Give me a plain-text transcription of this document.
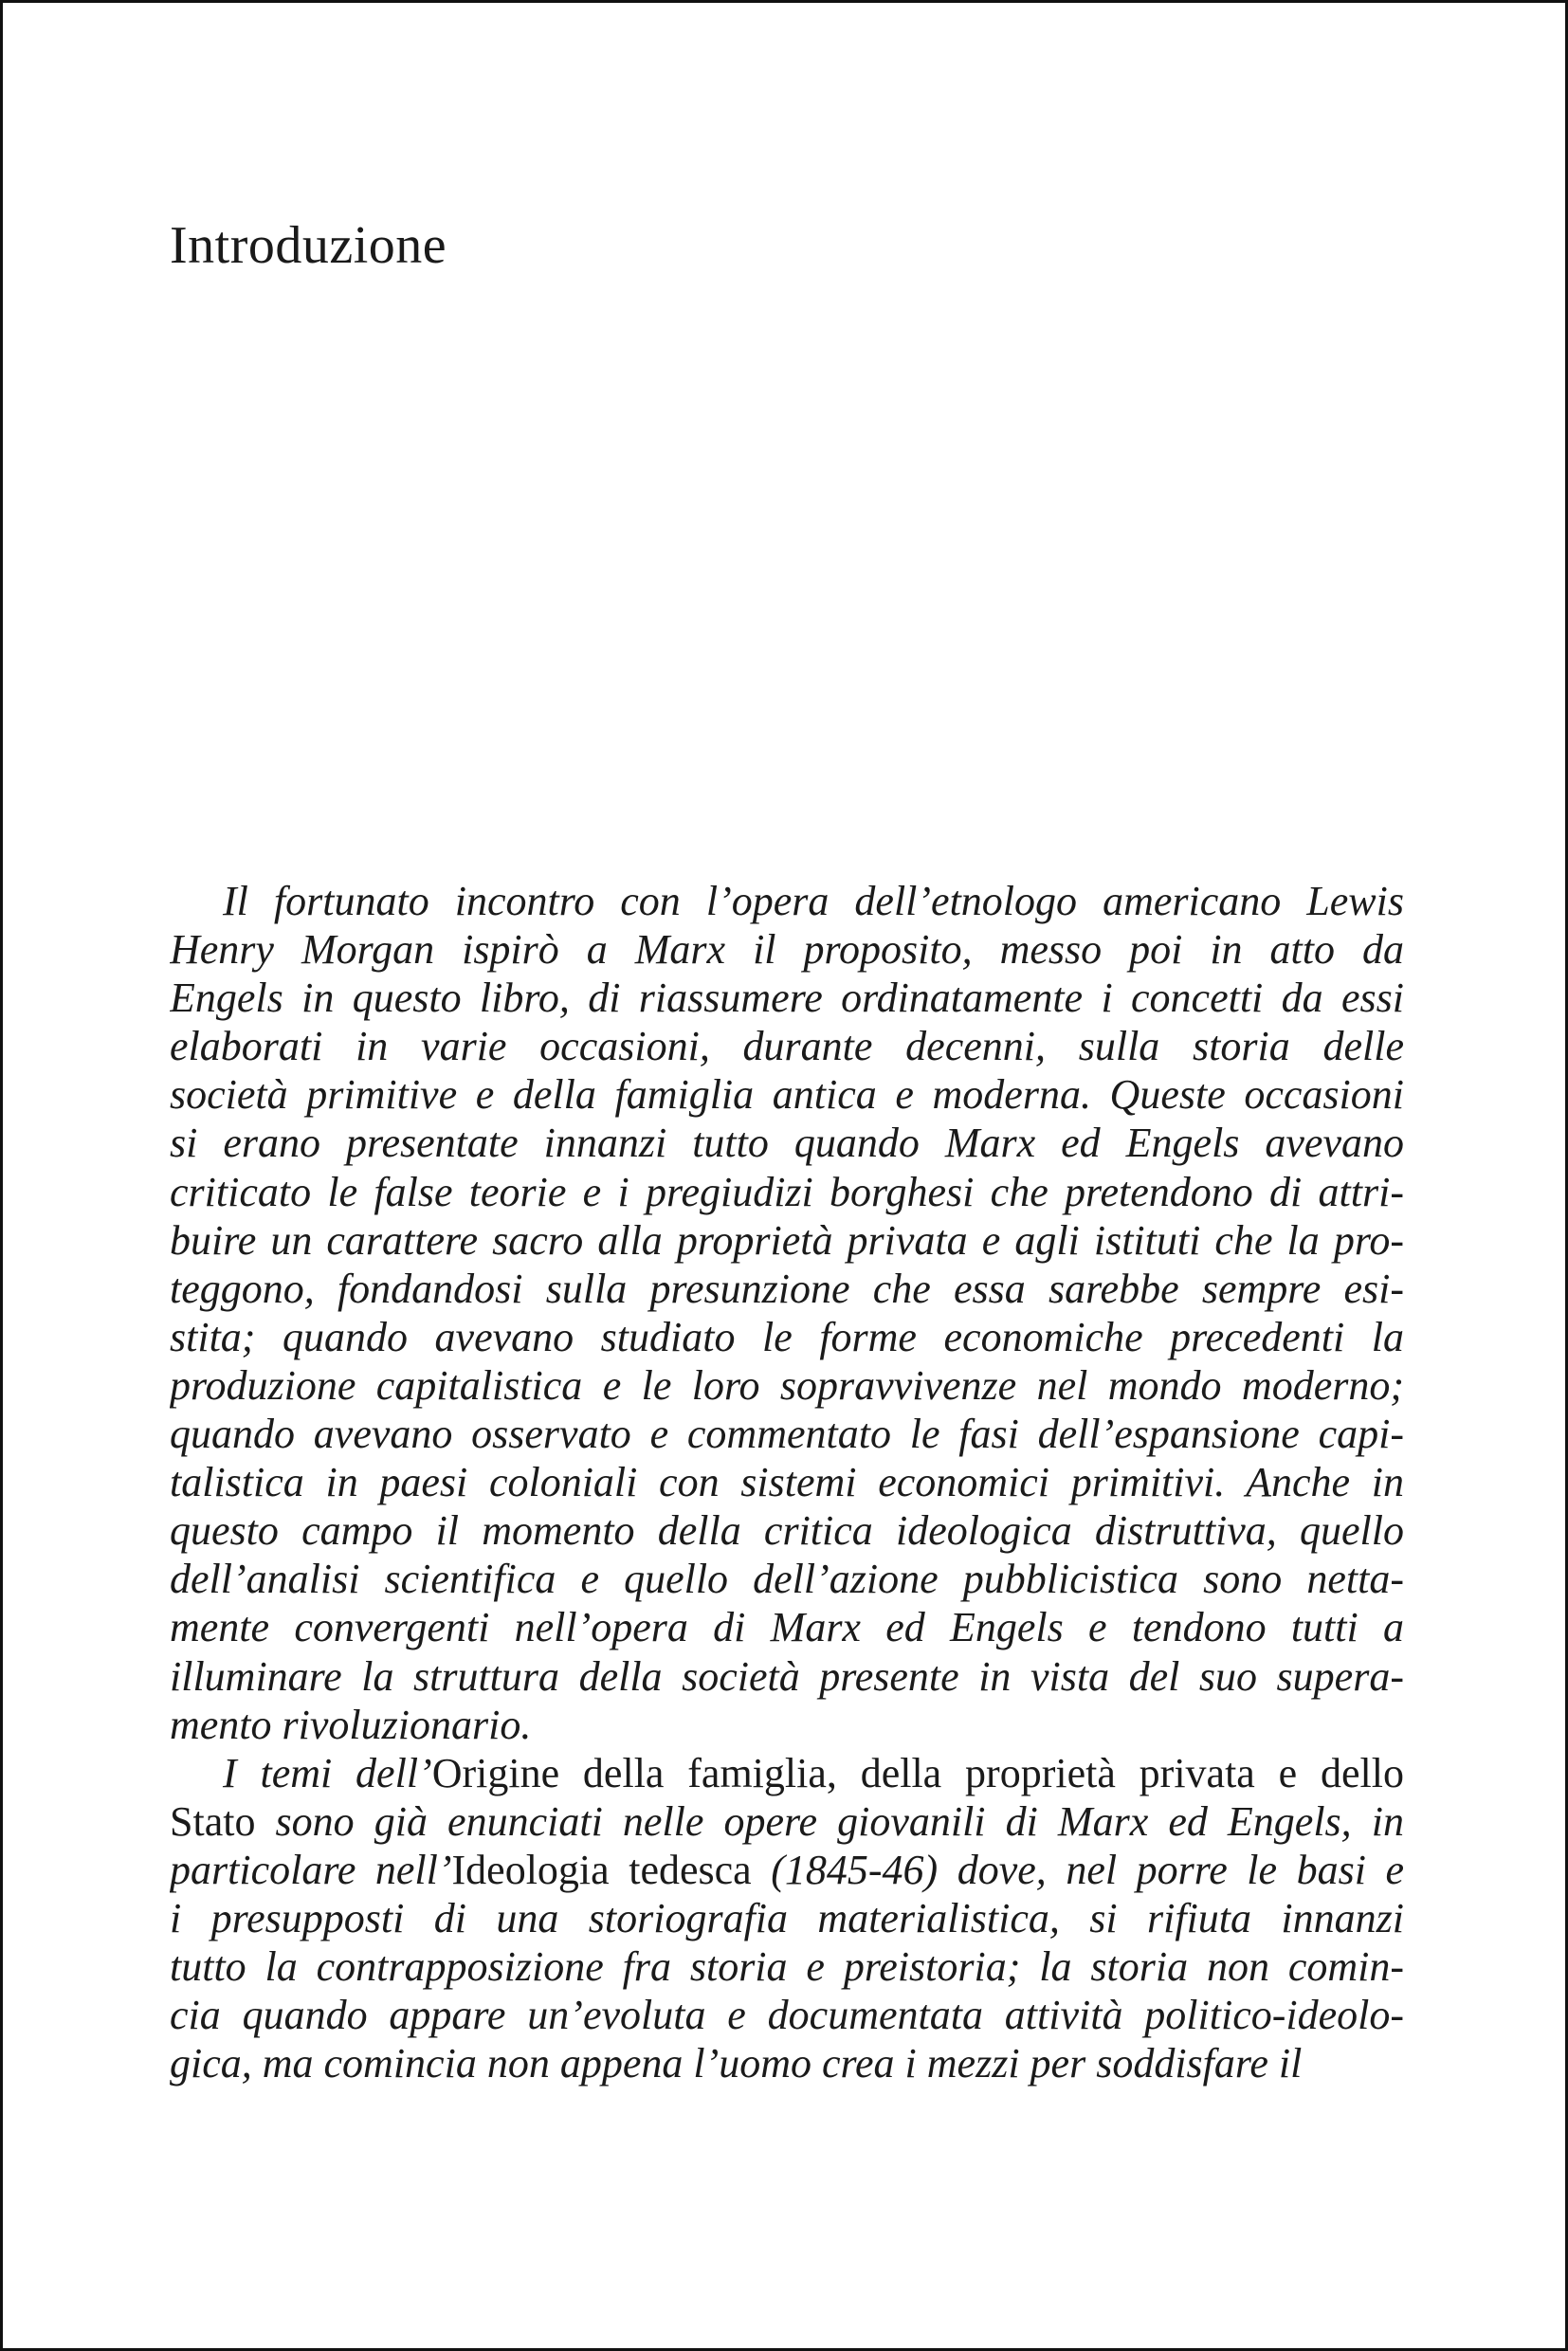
Introduzione
Il fortunato incontro con l’opera dell’etnologo americano Lewis
Henry Morgan ispirò a Marx il proposito, messo poi in atto da
Engels in questo libro, di riassumere ordinatamente i concetti da essi
elaborati in varie occasioni, durante decenni, sulla storia delle
società primitive e della famiglia antica e moderna. Queste occasioni
si erano presentate innanzi tutto quando Marx ed Engels avevano
criticato le false teorie e i pregiudizi borghesi che pretendono di attri-
buire un carattere sacro alla proprietà privata e agli istituti che la pro-
teggono, fondandosi sulla presunzione che essa sarebbe sempre esi-
stita; quando avevano studiato le forme economiche precedenti la
produzione capitalistica e le loro sopravvivenze nel mondo moderno;
quando avevano osservato e commentato le fasi dell’espansione capi-
talistica in paesi coloniali con sistemi economici primitivi. Anche in
questo campo il momento della critica ideologica distruttiva, quello
dell’analisi scientifica e quello dell’azione pubblicistica sono netta-
mente convergenti nell’opera di Marx ed Engels e tendono tutti a
illuminare la struttura della società presente in vista del suo supera-
mento rivoluzionario.
I temi dell’Origine della famiglia, della proprietà privata e dello
Stato sono già enunciati nelle opere giovanili di Marx ed Engels, in
particolare nell’Ideologia tedesca (1845-46) dove, nel porre le basi e
i presupposti di una storiografia materialistica, si rifiuta innanzi
tutto la contrapposizione fra storia e preistoria; la storia non comin-
cia quando appare un’evoluta e documentata attività politico-ideolo-
gica, ma comincia non appena l’uomo crea i mezzi per soddisfare il
